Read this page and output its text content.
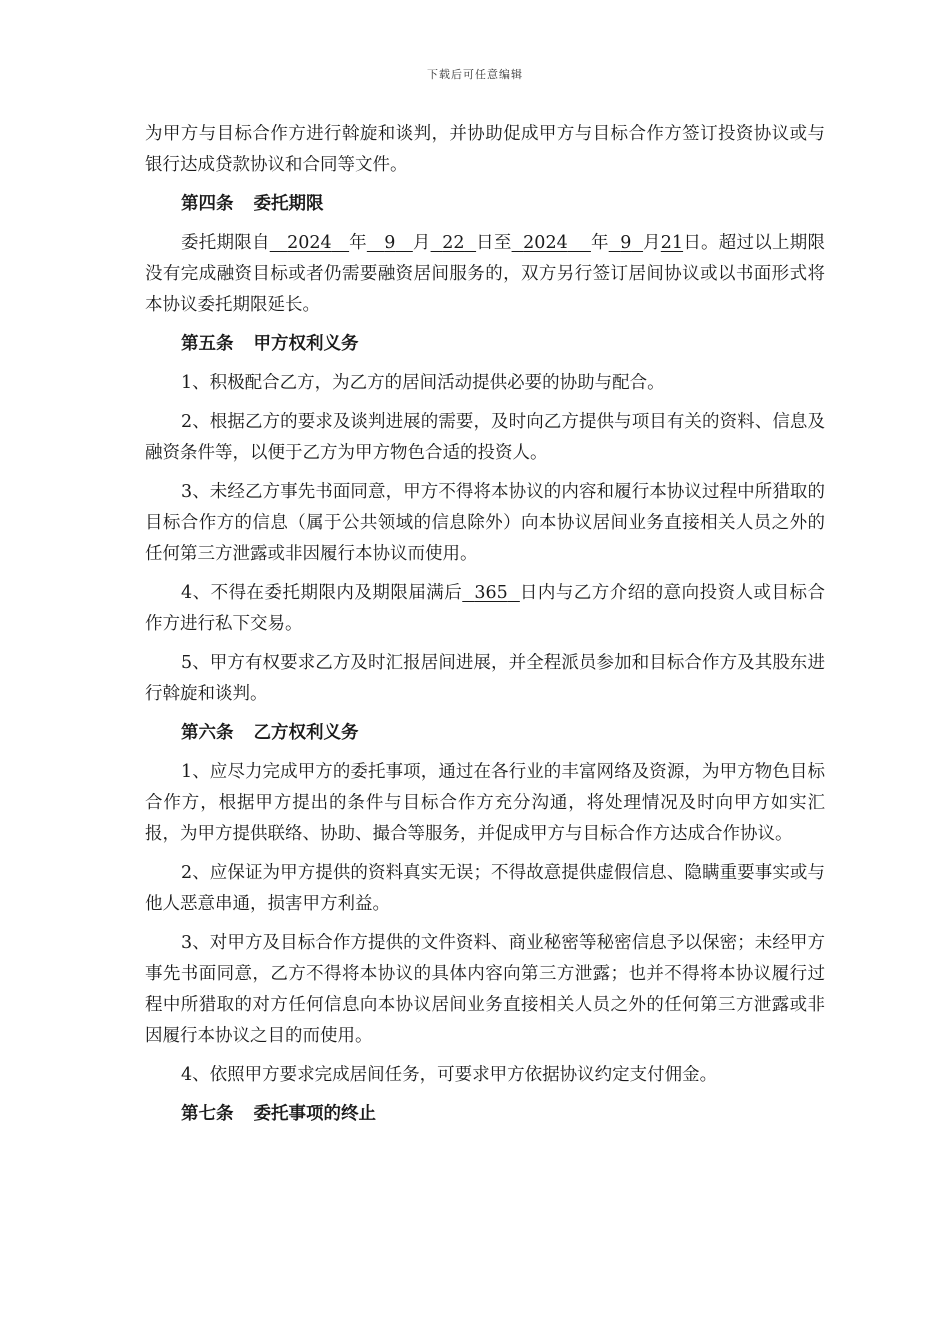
下载后可任意编辑

为甲方与目标合作方进行斡旋和谈判，并协助促成甲方与目标合作方签订投资协议或与银行达成贷款协议和合同等文件。

第四条 委托期限

委托期限自 2024 年 9 月 22 日至 2024 年 9 月21日。超过以上期限没有完成融资目标或者仍需要融资居间服务的，双方另行签订居间协议或以书面形式将本协议委托期限延长。

第五条 甲方权利义务

1、积极配合乙方，为乙方的居间活动提供必要的协助与配合。

2、根据乙方的要求及谈判进展的需要，及时向乙方提供与项目有关的资料、信息及融资条件等，以便于乙方为甲方物色合适的投资人。

3、未经乙方事先书面同意，甲方不得将本协议的内容和履行本协议过程中所猎取的目标合作方的信息（属于公共领域的信息除外）向本协议居间业务直接相关人员之外的任何第三方泄露或非因履行本协议而使用。

4、不得在委托期限内及期限届满后 365 日内与乙方介绍的意向投资人或目标合作方进行私下交易。

5、甲方有权要求乙方及时汇报居间进展，并全程派员参加和目标合作方及其股东进行斡旋和谈判。

第六条 乙方权利义务

1、应尽力完成甲方的委托事项，通过在各行业的丰富网络及资源，为甲方物色目标合作方，根据甲方提出的条件与目标合作方充分沟通，将处理情况及时向甲方如实汇报，为甲方提供联络、协助、撮合等服务，并促成甲方与目标合作方达成合作协议。

2、应保证为甲方提供的资料真实无误；不得故意提供虚假信息、隐瞒重要事实或与他人恶意串通，损害甲方利益。

3、对甲方及目标合作方提供的文件资料、商业秘密等秘密信息予以保密；未经甲方事先书面同意，乙方不得将本协议的具体内容向第三方泄露；也并不得将本协议履行过程中所猎取的对方任何信息向本协议居间业务直接相关人员之外的任何第三方泄露或非因履行本协议之目的而使用。

4、依照甲方要求完成居间任务，可要求甲方依据协议约定支付佣金。

第七条 委托事项的终止
